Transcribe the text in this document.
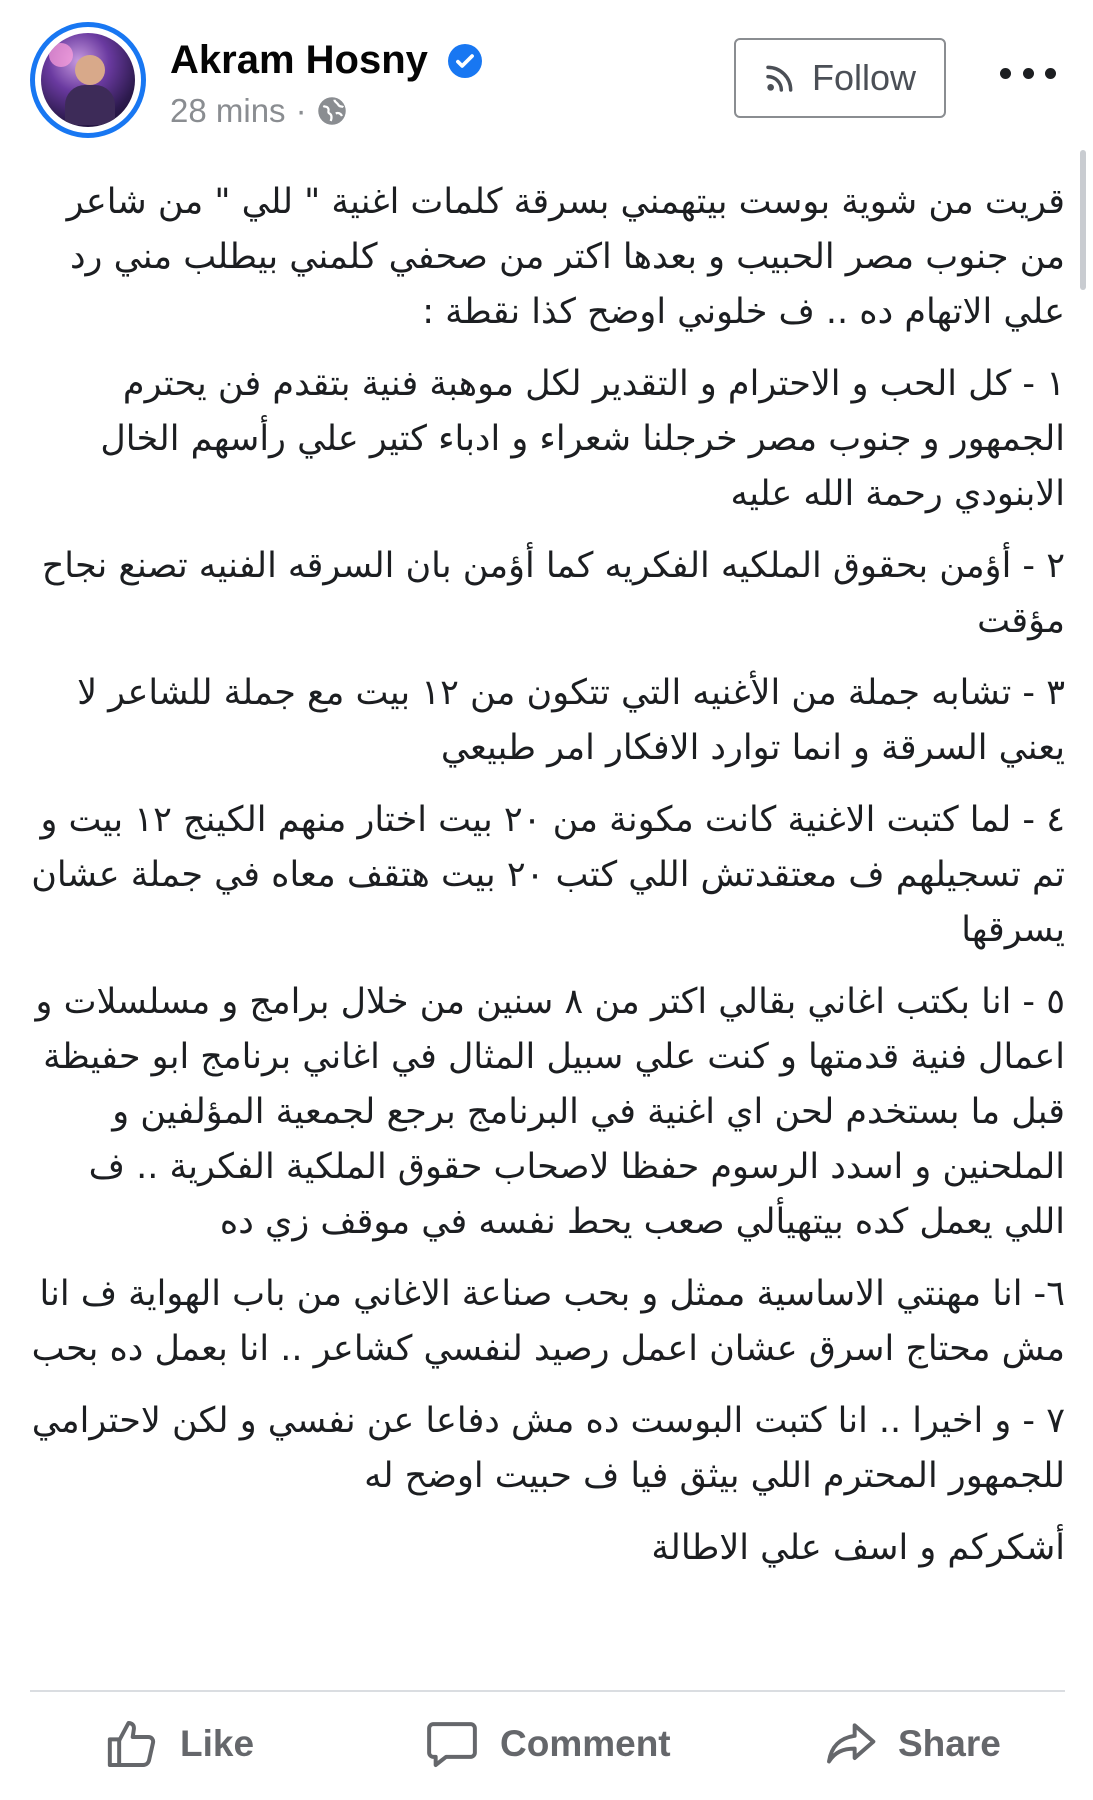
Akram Hosny
28 mins ·
Follow

قريت من شوية بوست بيتهمني بسرقة كلمات اغنية " للي " من شاعر من جنوب مصر الحبيب و بعدها اكتر من صحفي كلمني بيطلب مني رد علي الاتهام ده .. ف خلوني اوضح كذا نقطة :

١ - كل الحب و الاحترام و التقدير لكل موهبة فنية بتقدم فن يحترم الجمهور و جنوب مصر خرجلنا شعراء و ادباء كتير علي رأسهم الخال الابنودي رحمة الله عليه

٢ - أؤمن بحقوق الملكيه الفكريه كما أؤمن بان السرقه الفنيه تصنع نجاح مؤقت

٣ - تشابه جملة من الأغنيه التي تتكون من ١٢ بيت مع جملة للشاعر لا يعني السرقة و انما توارد الافكار امر طبيعي

٤ - لما كتبت الاغنية كانت مكونة من ٢٠ بيت اختار منهم الكينج ١٢ بيت و تم تسجيلهم ف معتقدتش اللي كتب ٢٠ بيت هتقف معاه في جملة عشان يسرقها

٥ - انا بكتب اغاني بقالي اكتر من ٨ سنين من خلال برامج و مسلسلات و اعمال فنية قدمتها و كنت علي سبيل المثال في اغاني برنامج ابو حفيظة قبل ما بستخدم لحن اي اغنية في البرنامج برجع لجمعية المؤلفين و الملحنين و اسدد الرسوم حفظا لاصحاب حقوق الملكية الفكرية .. ف اللي يعمل كده بيتهيألي صعب يحط نفسه في موقف زي ده

٦- انا مهنتي الاساسية ممثل و بحب صناعة الاغاني من باب الهواية ف انا مش محتاج اسرق عشان اعمل رصيد لنفسي كشاعر .. انا بعمل ده بحب

٧ - و اخيرا .. انا كتبت البوست ده مش دفاعا عن نفسي و لكن لاحترامي للجمهور المحترم اللي بيثق فيا ف حبيت اوضح له

أشكركم و اسف علي الاطالة

Like	Comment	Share
